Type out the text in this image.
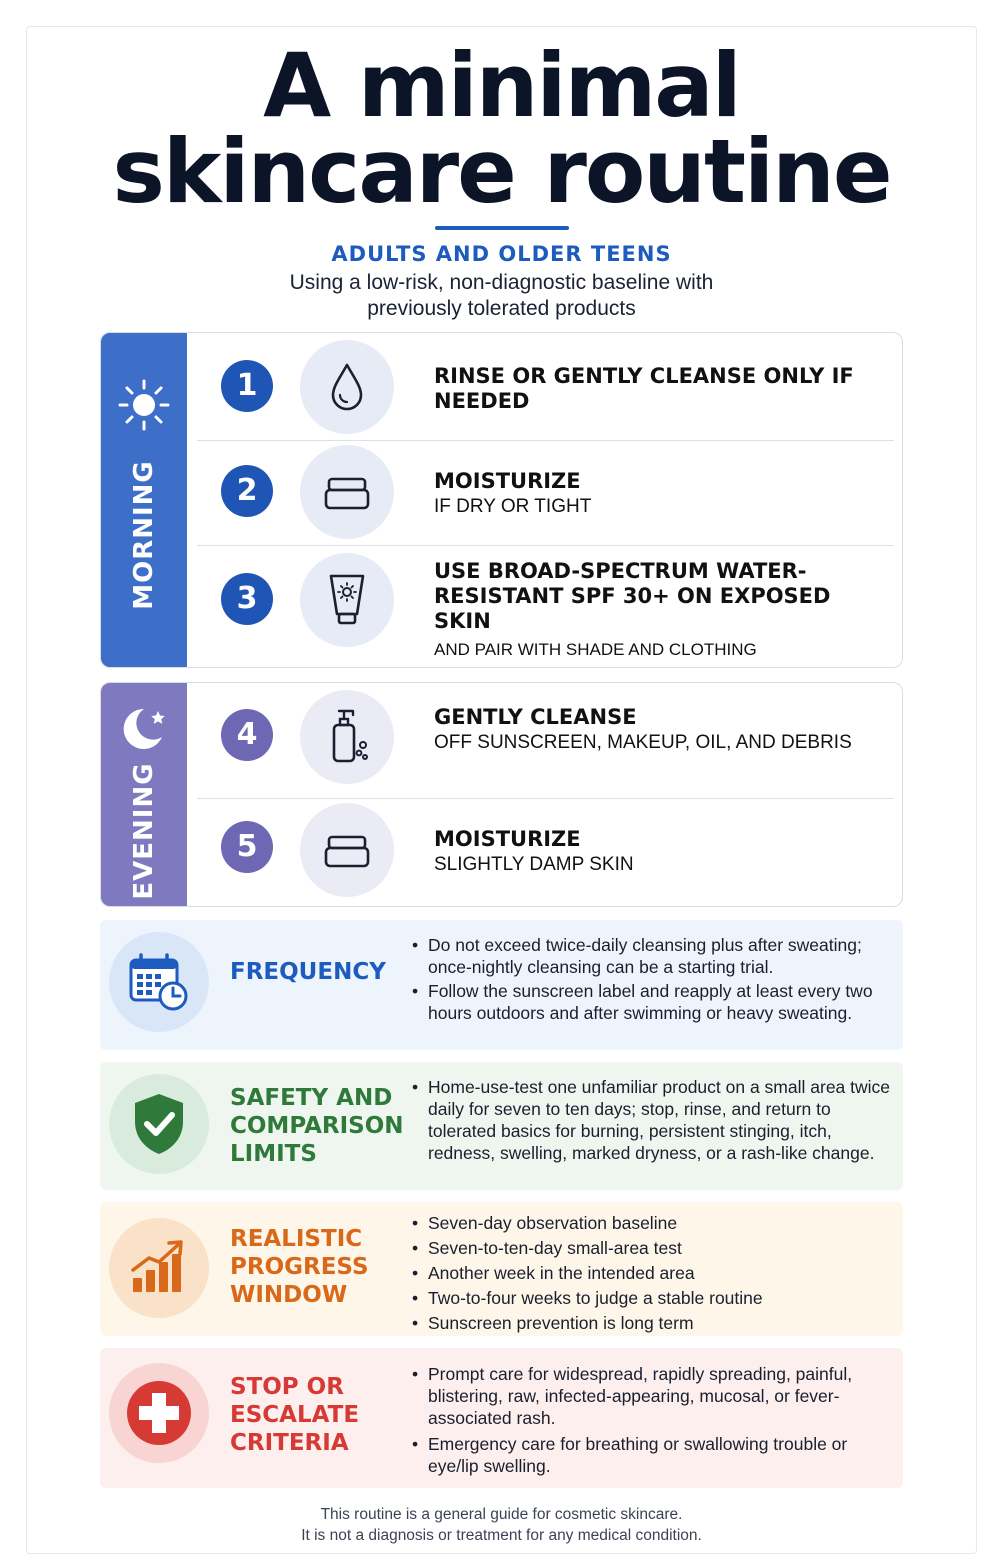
A minimal
skincare routine
ADULTS AND OLDER TEENS
Using a low-risk, non-diagnostic baseline with previously tolerated products
MORNING
1	RINSE OR GENTLY CLEANSE ONLY IF NEEDED
2	MOISTURIZE
IF DRY OR TIGHT
3
USE BROAD-SPECTRUM WATER-RESISTANT SPF 30+ ON EXPOSED SKIN
AND PAIR WITH SHADE AND CLOTHING
EVENING
4	GENTLY CLEANSE
OFF SUNSCREEN, MAKEUP, OIL, AND DEBRIS
5	MOISTURIZE
SLIGHTLY DAMP SKIN
FREQUENCY
• Do not exceed twice-daily cleansing plus after sweating; once-nightly cleansing can be a starting trial.
• Follow the sunscreen label and reapply at least every two hours outdoors and after swimming or heavy sweating.
SAFETY AND COMPARISON LIMITS
• Home-use-test one unfamiliar product on a small area twice daily for seven to ten days; stop, rinse, and return to tolerated basics for burning, persistent stinging, itch, redness, swelling, marked dryness, or a rash-like change.
REALISTIC PROGRESS WINDOW
• Seven-day observation baseline
• Seven-to-ten-day small-area test
• Another week in the intended area
• Two-to-four weeks to judge a stable routine
• Sunscreen prevention is long term
STOP OR ESCALATE CRITERIA
• Prompt care for widespread, rapidly spreading, painful, blistering, raw, infected-appearing, mucosal, or fever-associated rash.
• Emergency care for breathing or swallowing trouble or eye/lip swelling.
This routine is a general guide for cosmetic skincare.
It is not a diagnosis or treatment for any medical condition.
